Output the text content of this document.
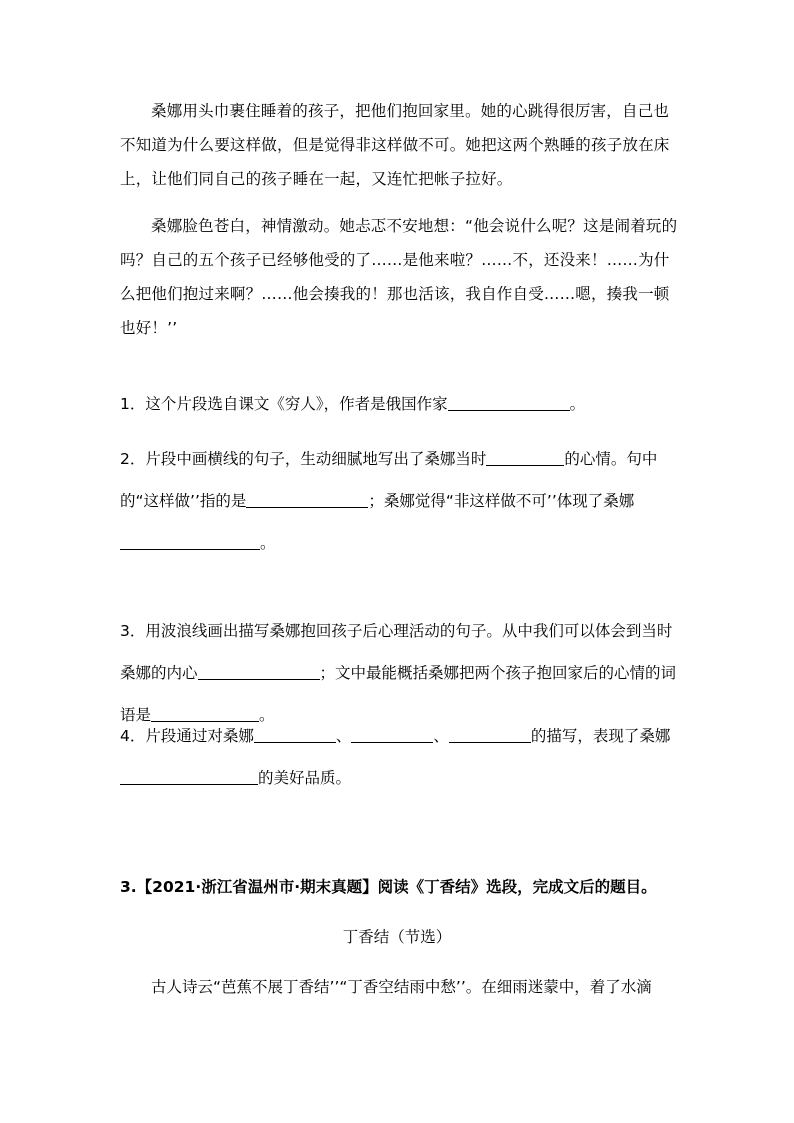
桑娜用头巾裹住睡着的孩子，把他们抱回家里。她的心跳得很厉害，自己也不知道为什么要这样做，但是觉得非这样做不可。她把这两个熟睡的孩子放在床上，让他们同自己的孩子睡在一起，又连忙把帐子拉好。

桑娜脸色苍白，神情激动。她忐忑不安地想：“他会说什么呢？这是闹着玩的吗？自己的五个孩子已经够他受的了……是他来啦？……不，还没来！……为什么把他们抱过来啊？……他会揍我的！那也活该，我自作自受……嗯，揍我一顿也好！’’

1．这个片段选自课文《穷人》，作者是俄国作家	。

2．片段中画横线的句子，生动细腻地写出了桑娜当时	的心情。句中的“这样做’’指的是	；桑娜觉得“非这样做不可’’体现了桑娜。

3．用波浪线画出描写桑娜抱回孩子后心理活动的句子。从中我们可以体会到当时桑娜的内心	；文中最能概括桑娜把两个孩子抱回家后的心情的词语是	。

4．片段通过对桑娜	、	、	的描写，表现了桑娜的美好品质。

3.【2021·浙江省温州市·期末真题】阅读《丁香结》选段，完成文后的题目。

丁香结（节选）

古人诗云“芭蕉不展丁香结’’“丁香空结雨中愁’’。在细雨迷蒙中，着了水滴
